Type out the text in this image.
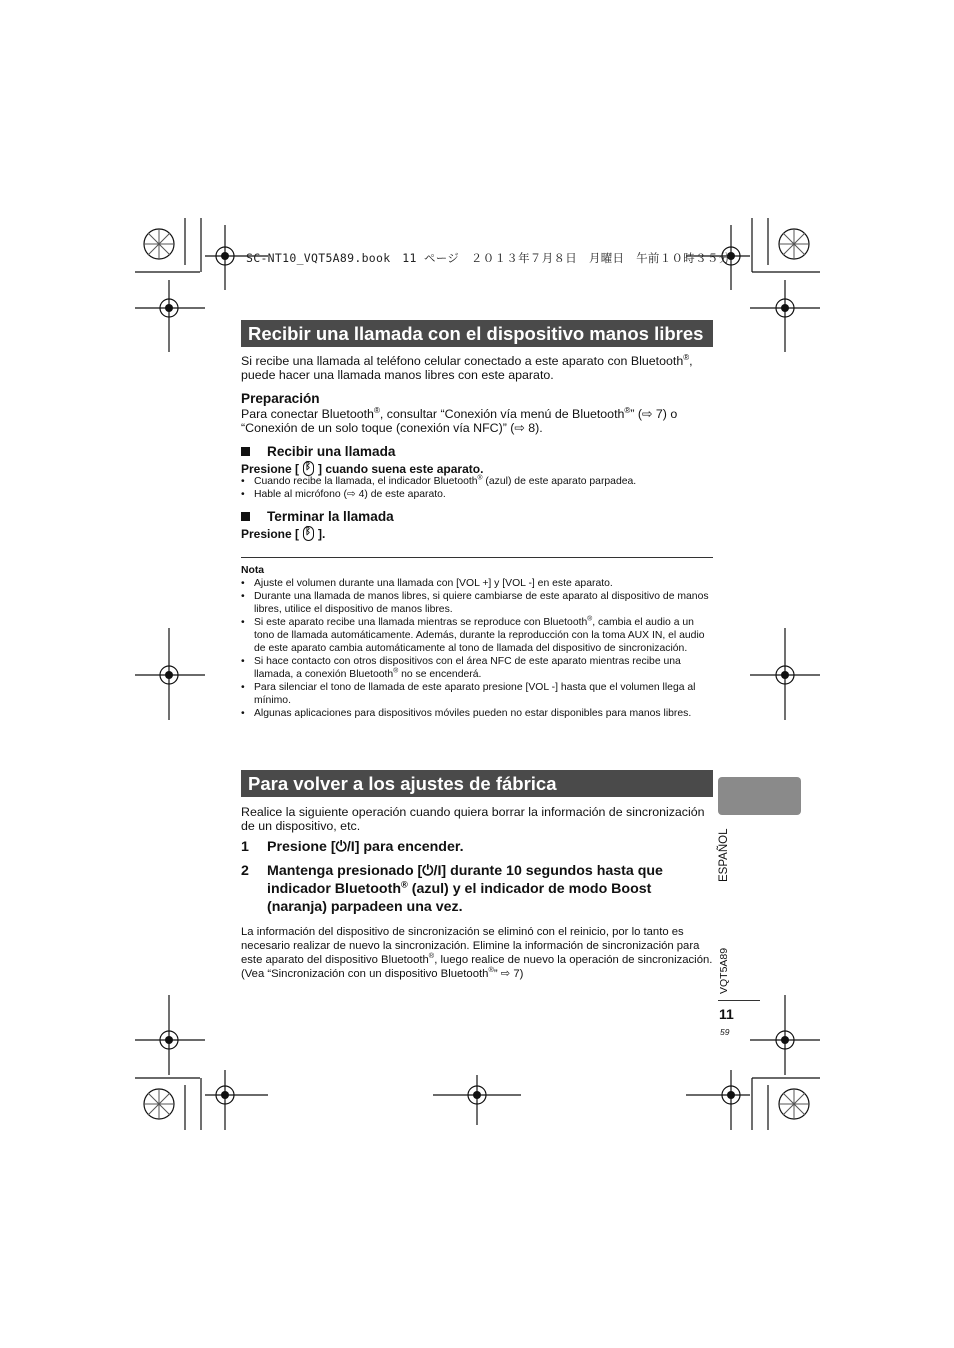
SC-NT10_VQT5A89.book　11 ページ　２０１３年７月８日　月曜日　午前１０時３５分
Recibir una llamada con el dispositivo manos libres
Si recibe una llamada al teléfono celular conectado a este aparato con Bluetooth®,
puede hacer una llamada manos libres con este aparato.
Preparación
Para conectar Bluetooth®, consultar “Conexión vía menú de Bluetooth®” (⇨ 7) o
“Conexión de un solo toque (conexión vía NFC)” (⇨ 8).
Recibir una llamada
Presione [ ᛒ ] cuando suena este aparato.
• Cuando recibe la llamada, el indicador Bluetooth® (azul) de este aparato parpadea.
• Hable al micrófono (⇨ 4) de este aparato.
Terminar la llamada
Presione [ ᛒ ].
Nota
• Ajuste el volumen durante una llamada con [VOL +] y [VOL -] en este aparato.
• Durante una llamada de manos libres, si quiere cambiarse de este aparato al dispositivo de manos libres, utilice el dispositivo de manos libres.
• Si este aparato recibe una llamada mientras se reproduce con Bluetooth®, cambia el audio a un tono de llamada automáticamente. Además, durante la reproducción con la toma AUX IN, el audio de este aparato cambia automáticamente al tono de llamada del dispositivo de sincronización.
• Si hace contacto con otros dispositivos con el área NFC de este aparato mientras recibe una llamada, a conexión Bluetooth® no se encenderá.
• Para silenciar el tono de llamada de este aparato presione [VOL -] hasta que el volumen llega al mínimo.
• Algunas aplicaciones para dispositivos móviles pueden no estar disponibles para manos libres.
Para volver a los ajustes de fábrica
Realice la siguiente operación cuando quiera borrar la información de sincronización de un dispositivo, etc.
1 Presione [⏻/I] para encender.
2 Mantenga presionado [⏻/I] durante 10 segundos hasta que indicador Bluetooth® (azul) y el indicador de modo Boost (naranja) parpadeen una vez.
La información del dispositivo de sincronización se eliminó con el reinicio, por lo tanto es necesario realizar de nuevo la sincronización. Elimine la información de sincronización para este aparato del dispositivo Bluetooth®, luego realice de nuevo la operación de sincronización. (Vea “Sincronización con un dispositivo Bluetooth®” ⇨ 7)
ESPAÑOL
VQT5A89
11
59
